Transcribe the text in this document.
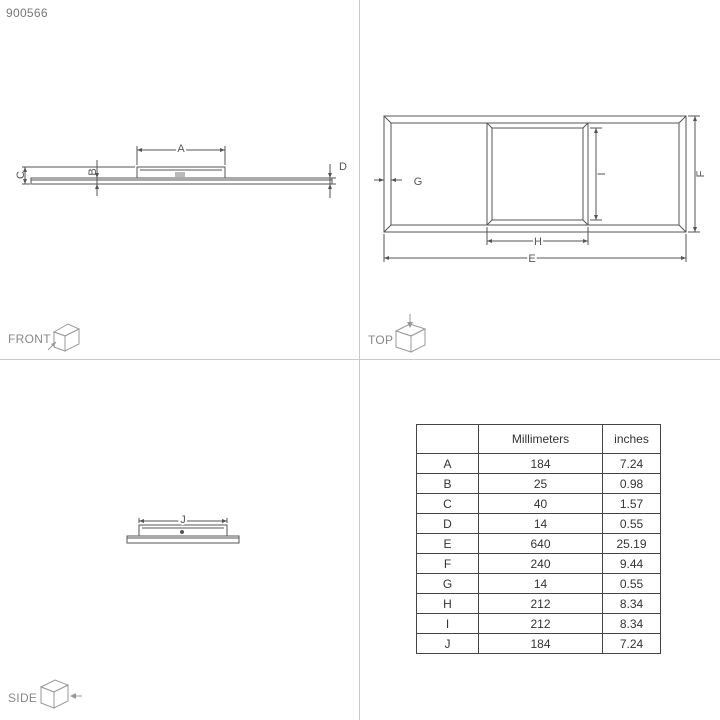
900566
A
C	B	D
FRONT
E
H
F
I
G
TOP
J
SIDE
	Millimeters	inches
A	184	7.24
B	25	0.98
C	40	1.57
D	14	0.55
E	640	25.19
F	240	9.44
G	14	0.55
H	212	8.34
I	212	8.34
J	184	7.24
